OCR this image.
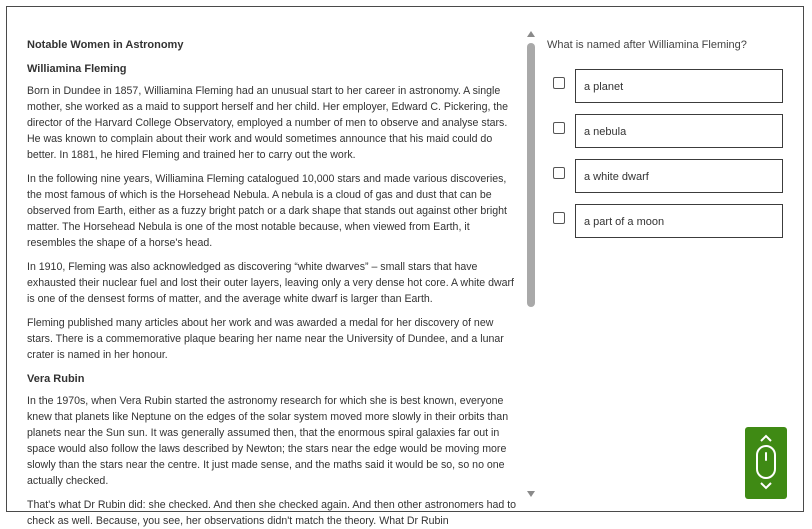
Notable Women in Astronomy
Williamina Fleming

Born in Dundee in 1857, Williamina Fleming had an unusual start to her career in astronomy. A single mother, she worked as a maid to support herself and her child. Her employer, Edward C. Pickering, the director of the Harvard College Observatory, employed a number of men to observe and analyse stars. He was known to complain about their work and would sometimes announce that his maid could do better. In 1881, he hired Fleming and trained her to carry out the work.

In the following nine years, Williamina Fleming catalogued 10,000 stars and made various discoveries, the most famous of which is the Horsehead Nebula. A nebula is a cloud of gas and dust that can be observed from Earth, either as a fuzzy bright patch or a dark shape that stands out against other bright matter. The Horsehead Nebula is one of the most notable because, when viewed from Earth, it resembles the shape of a horse's head.

In 1910, Fleming was also acknowledged as discovering “white dwarves” – small stars that have exhausted their nuclear fuel and lost their outer layers, leaving only a very dense hot core. A white dwarf is one of the densest forms of matter, and the average white dwarf is larger than Earth.

Fleming published many articles about her work and was awarded a medal for her discovery of new stars. There is a commemorative plaque bearing her name near the University of Dundee, and a lunar crater is named in her honour.

Vera Rubin

In the 1970s, when Vera Rubin started the astronomy research for which she is best known, everyone knew that planets like Neptune on the edges of the solar system moved more slowly in their orbits than planets near the Sun sun. It was generally assumed then, that the enormous spiral galaxies far out in space would also follow the laws described by Newton; the stars near the edge would be moving more slowly than the stars near the centre. It just made sense, and the maths said it would be so, so no one actually checked.

That's what Dr Rubin did: she checked. And then she checked again. And then other astronomers had to check as well. Because, you see, her observations didn't match the theory. What Dr Rubin

What is named after Williamina Fleming?
a planet
a nebula
a white dwarf
a part of a moon
